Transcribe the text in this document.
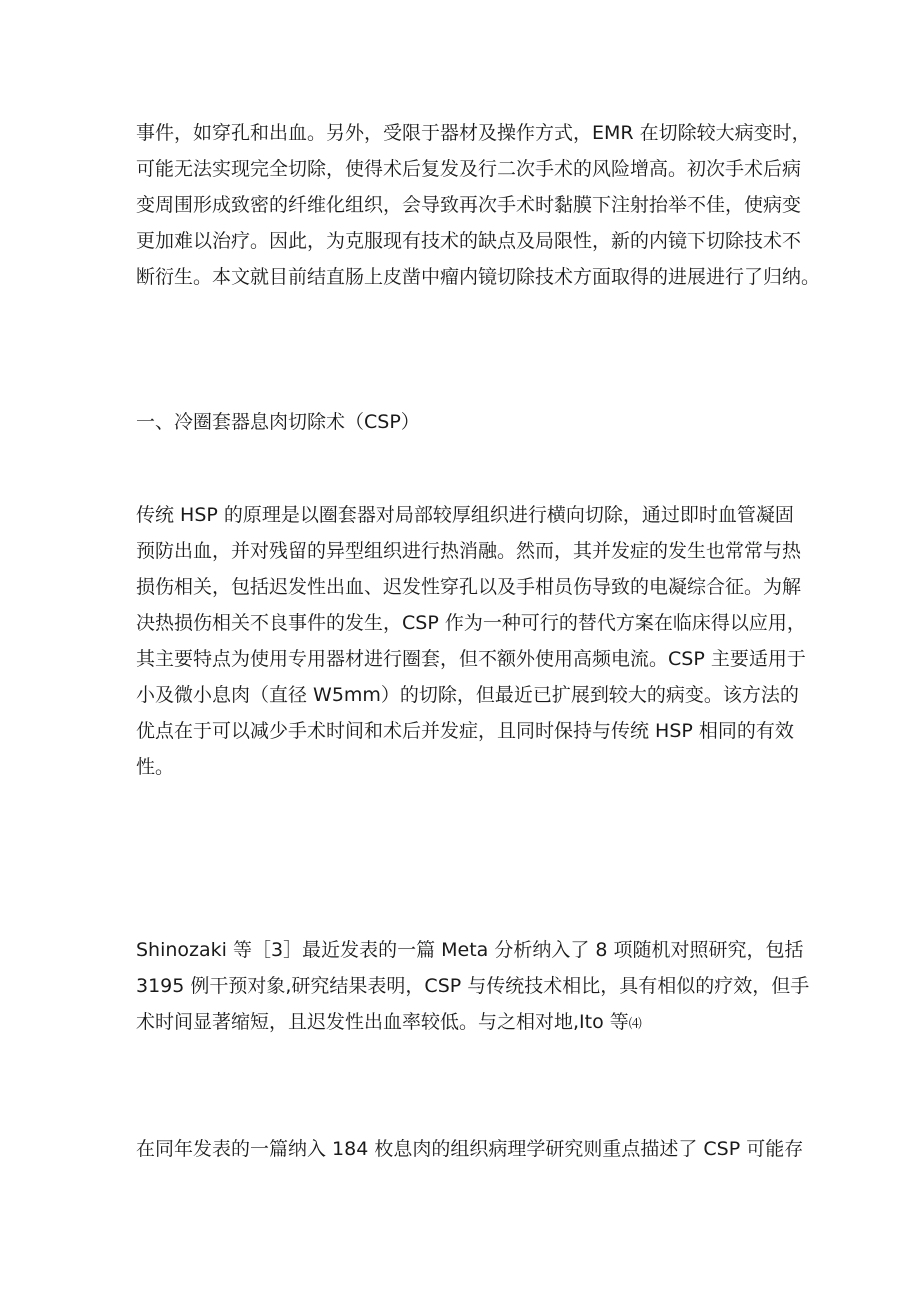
事件，如穿孔和出血。另外，受限于器材及操作方式，EMR 在切除较大病变时，
可能无法实现完全切除，使得术后复发及行二次手术的风险增高。初次手术后病
变周围形成致密的纤维化组织，会导致再次手术时黏膜下注射抬举不佳，使病变
更加难以治疗。因此，为克服现有技术的缺点及局限性，新的内镜下切除技术不
断衍生。本文就目前结直肠上皮凿中瘤内镜切除技术方面取得的进展进行了归纳。
一、冷圈套器息肉切除术（CSP）
传统 HSP 的原理是以圈套器对局部较厚组织进行横向切除，通过即时血管凝固
预防出血，并对残留的异型组织进行热消融。然而，其并发症的发生也常常与热
损伤相关，包括迟发性出血、迟发性穿孔以及手柑员伤导致的电凝综合征。为解
决热损伤相关不良事件的发生，CSP 作为一种可行的替代方案在临床得以应用，
其主要特点为使用专用器材进行圈套，但不额外使用高频电流。CSP 主要适用于
小及微小息肉（直径 W5mm）的切除，但最近已扩展到较大的病变。该方法的
优点在于可以减少手术时间和术后并发症，且同时保持与传统 HSP 相同的有效
性。
Shinozaki 等［3］最近发表的一篇 Meta 分析纳入了 8 项随机对照研究，包括
3195 例干预对象,研究结果表明，CSP 与传统技术相比，具有相似的疗效，但手
术时间显著缩短，且迟发性出血率较低。与之相对地,Ito 等⑷
在同年发表的一篇纳入 184 枚息肉的组织病理学研究则重点描述了 CSP 可能存
